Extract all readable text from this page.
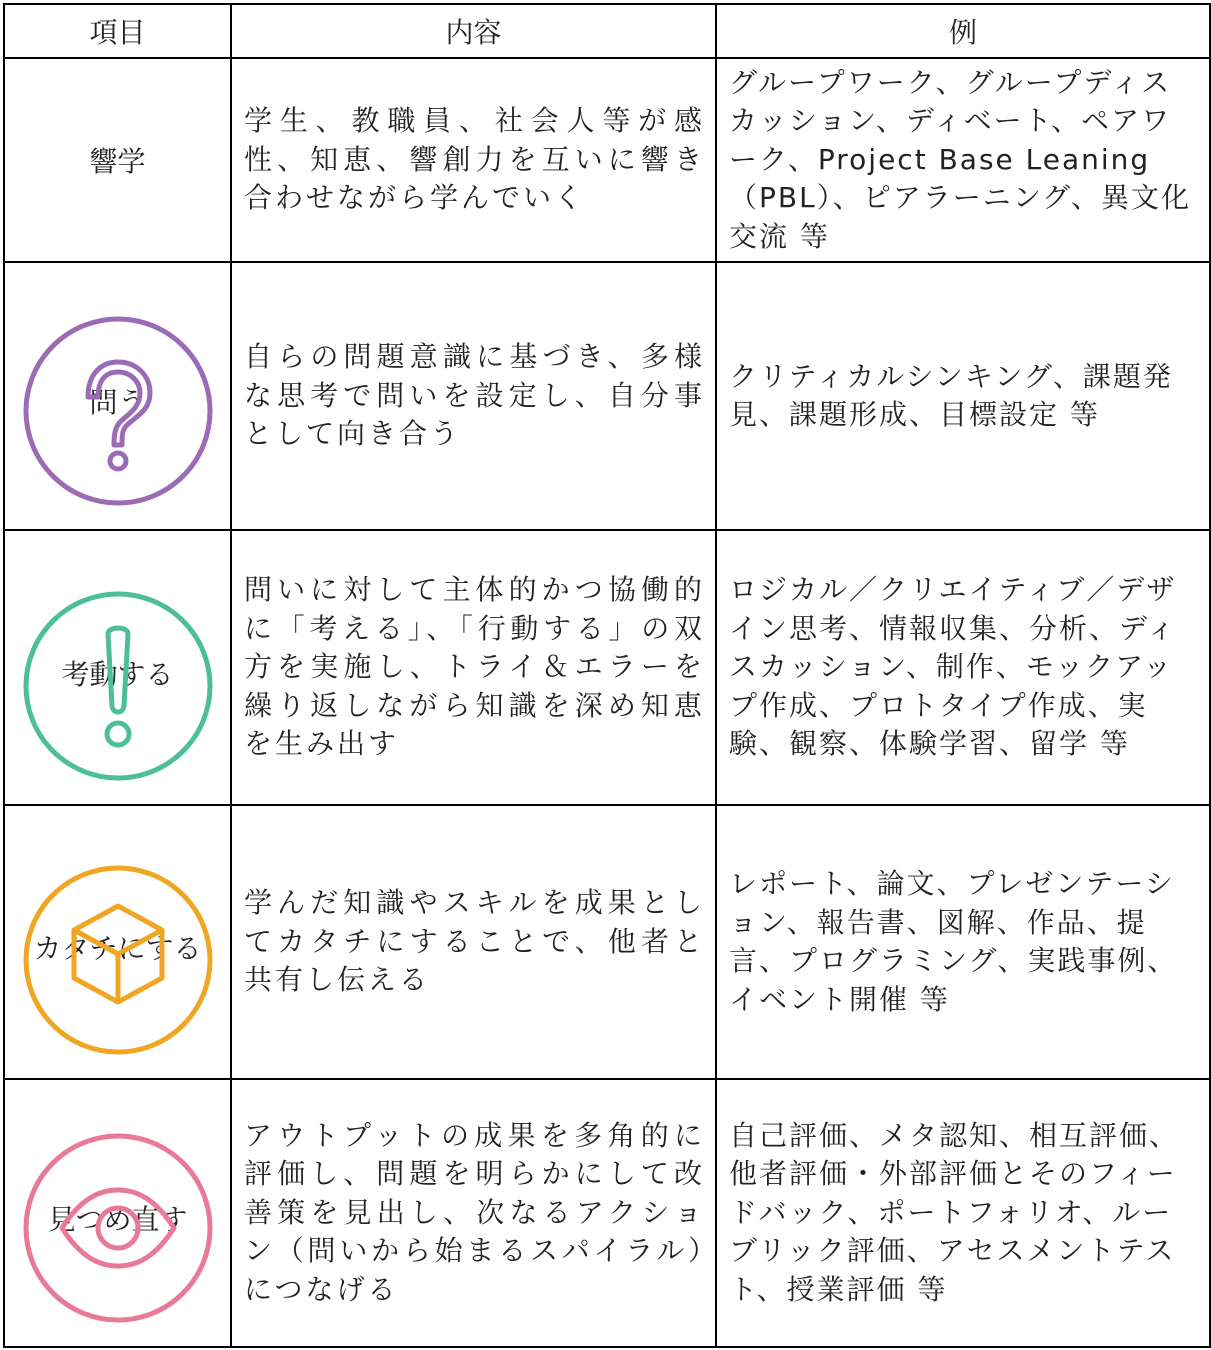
項目	内容	例

響学	学生、教職員、社会人等が感性、知恵、響創力を互いに響き合わせながら学んでいく	グループワーク、グループディスカッション、ディベート、ペアワーク、Project Base Leaning（PBL）、ピアラーニング、異文化交流 等

問う	自らの問題意識に基づき、多様な思考で問いを設定し、自分事として向き合う	クリティカルシンキング、課題発見、課題形成、目標設定 等

考動する	問いに対して主体的かつ協働的に「考える」、「行動する」の双方を実施し、トライ＆エラーを繰り返しながら知識を深め知恵を生み出す	ロジカル／クリエイティブ／デザイン思考、情報収集、分析、ディスカッション、制作、モックアップ作成、プロトタイプ作成、実験、観察、体験学習、留学 等

カタチにする	学んだ知識やスキルを成果としてカタチにすることで、他者と共有し伝える	レポート、論文、プレゼンテーション、報告書、図解、作品、提言、プログラミング、実践事例、イベント開催 等

見つめ直す	アウトプットの成果を多角的に評価し、問題を明らかにして改善策を見出し、次なるアクション（問いから始まるスパイラル）につなげる	自己評価、メタ認知、相互評価、他者評価・外部評価とそのフィードバック、ポートフォリオ、ルーブリック評価、アセスメントテスト、授業評価 等
